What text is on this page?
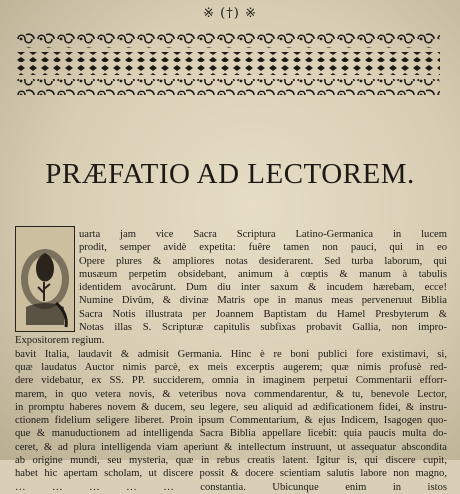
※ (†) ※
PRÆFATIO AD LECTOREM.
uarta jam vice Sacra Scriptura Latino-Germanica in lucem
prodit, semper avidè expetita: fuêre tamen non pauci, qui in eo
Opere plures & ampliores notas desiderarent. Sed turba laborum, qui
musæum perpetim obsidebant, animum à cœptis & manum à tabulis
identidem avocârunt. Dum diu inter saxum & incudem hærebam, ecce!
Numine Divûm, & divinæ Matris ope in manus meas perveneruut Biblia
Sacra Notis illustrata per Joannem Baptistam du Hamel Presbyterum &
Notas illas S. Scripturæ capitulis subfixas probavit Gallia, non impro-
Expositorem regium.
bavit Italia, laudavit & admisit Germania. Hinc è re boni publici fore existimavi, si,
quæ laudatus Auctor nimis parcè, ex meis excerptis augerem; quæ nimis profusè red-
dere videbatur, ex SS. PP. succiderem, omnia in imaginem perpetui Commentarii efforr-
marem, in quo vetera novis, & veteribus nova commendarentur, & tu, benevole Lector,
in promptu haberes novem & ducem, seu legere, seu aliquid ad ædificationem fidei, & instru-
ctionem fidelium seligere liberet. Proin ipsum Commentarium, & ejus Indicem, Isagogen quo-
que & manuductionem ad intelligenda Sacra Biblia appellare licebit: quia paucis multa do-
ceret, & ad plura intelligenda viam aperiunt & intellectum instruunt, ut assequatur abscondita
ab origine mundi, seu mysteria, quæ in rebus creatis latent. Igitur is, qui discere cupit,
habet hic apertam scholam, ut discere possit & docere scientiam salutis labore non magno,
… … … … … constantia. Ubicunque enim in istos
